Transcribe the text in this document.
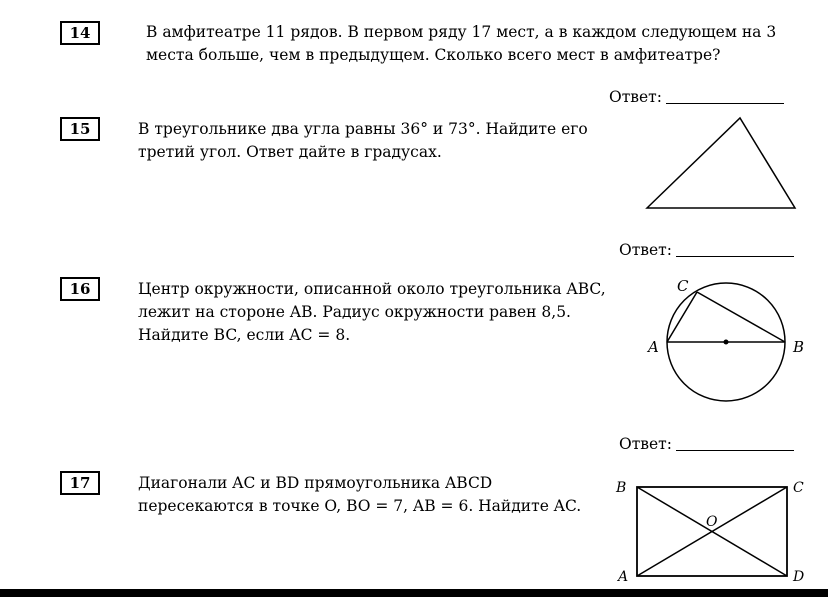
14	В амфитеатре 11 рядов. В первом ряду 17 мест, а в каждом следующем на 3 места больше, чем в предыдущем. Сколько всего мест в амфитеатре?
Ответ:
15	В треугольнике два угла равны 36° и 73°. Найдите его третий угол. Ответ дайте в градусах.
Ответ:
16	Центр окружности, описанной около треугольника ABC, лежит на стороне AB. Радиус окружности равен 8,5. Найдите BC, если AC = 8.
A	B
C
Ответ:
17	Диагонали AC и BD прямоугольника ABCD пересекаются в точке O, BO = 7, AB = 6. Найдите AC.
B	C
A	D
O
